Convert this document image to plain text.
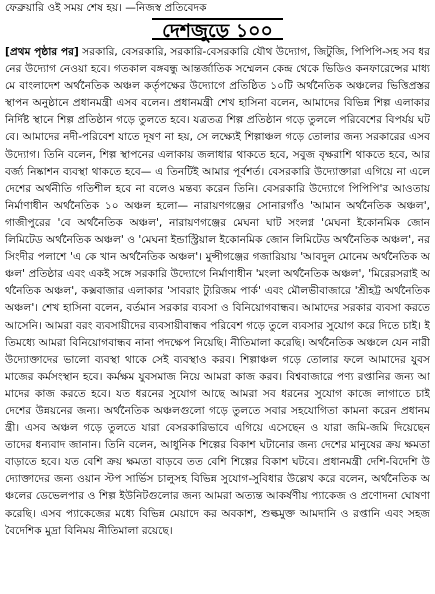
ফেব্রুয়ারি ওই সময় শেষ হয়। —নিজস্ব প্রতিবেদক
দেশজুড়ে ১০০
[প্রথম পৃষ্ঠার পর] সরকারি, বেসরকারি, সরকারি-বেসরকারি যৌথ উদ্যোগ, জিটুজি, পিপিপি-সহ সব ধরনের উদ্যোগ নেওয়া হবে। গতকাল বঙ্গবন্ধু আন্তর্জাতিক সম্মেলন কেন্দ্র থেকে ভিডিও কনফারেন্সের মাধ্যমে বাংলাদেশ অর্থনৈতিক অঞ্চল কর্তৃপক্ষের উদ্যোগে প্রতিষ্ঠিত ১০টি অর্থনৈতিক অঞ্চলের ভিত্তিপ্রস্তর স্থাপন অনুষ্ঠানে প্রধানমন্ত্রী এসব বলেন। প্রধানমন্ত্রী শেখ হাসিনা বলেন, আমাদের বিভিন্ন শিল্প এলাকার নির্দিষ্ট স্থানে শিল্প প্রতিষ্ঠান গড়ে তুলতে হবে। যত্রতত্র শিল্প প্রতিষ্ঠান গড়ে তুললে পরিবেশের বিপর্যয় ঘটবে। আমাদের নদী-পরিবেশ যাতে দূষণ না হয়, সে লক্ষ্যেই শিল্পাঞ্চল গড়ে তোলার জন্য সরকারের এসব উদ্যোগ। তিনি বলেন, শিল্প স্থাপনের এলাকায় জলাধার থাকতে হবে, সবুজ বৃক্ষরাশি থাকতে হবে, আর বর্জ্য নিষ্কাশন ব্যবস্থা থাকতে হবে— এ তিনটিই আমার পূর্বশর্ত। বেসরকারি উদ্যোক্তারা এগিয়ে না এলে দেশের অর্থনীতি গতিশীল হবে না বলেও মন্তব্য করেন তিনি। বেসরকারি উদ্যোগে পিপিপি'র আওতায় নির্মাণাধীন অর্থনৈতিক ১০ অঞ্চল হলো— নারায়ণগঞ্জের সোনারগাঁও 'আমান অর্থনৈতিক অঞ্চল', গাজীপুরের 'বে অর্থনৈতিক অঞ্চল', নারায়ণগঞ্জের মেঘনা ঘাট সংলগ্ন 'মেঘনা ইকোনমিক জোন লিমিটেড অর্থনৈতিক অঞ্চল' ও 'মেঘনা ইন্ডাস্ট্রিয়াল ইকোনমিক জোন লিমিটেড অর্থনৈতিক অঞ্চল', নরসিংদীর পলাশে 'এ কে খান অর্থনৈতিক অঞ্চল'। মুন্সীগঞ্জের গজারিয়ায় 'আবদুল মোনেম অর্থনৈতিক অঞ্চল' প্রতিষ্ঠার এবং একই সঙ্গে সরকারি উদ্যোগে নির্মাণাধীন 'মংলা অর্থনৈতিক অঞ্চল', 'মিরেরসরাই অর্থনৈতিক অঞ্চল', কক্সবাজার এলাকার 'সাবরাং ট্যুরিজম পার্ক' এবং মৌলভীবাজারে 'শ্রীহট্ট অর্থনৈতিক অঞ্চল'। শেখ হাসিনা বলেন, বর্তমান সরকার ব্যবসা ও বিনিয়োগবান্ধব। আমাদের সরকার ব্যবসা করতে আসেনি। আমরা বরং ব্যবসায়ীদের ব্যবসায়ীবান্ধব পরিবেশ গড়ে তুলে ব্যবসার সুযোগ করে দিতে চাই। ইতিমধ্যে আমরা বিনিয়োগবান্ধব নানা পদক্ষেপ নিয়েছি। নীতিমালা করেছি। অর্থনৈতিক অঞ্চলে যেন নারী উদ্যোক্তাদের ভালো ব্যবস্থা থাকে সেই ব্যবস্থাও করব। শিল্পাঞ্চল গড়ে তোলার ফলে আমাদের যুবসমাজের কর্মসংস্থান হবে। কর্মক্ষম যুবসমাজ নিয়ে আমরা কাজ করব। বিশ্ববাজারে পণ্য রপ্তানির জন্য আমাদের কাজ করতে হবে। যত ধরনের সুযোগ আছে আমরা সব ধরনের সুযোগ কাজে লাগাতে চাই দেশের উন্নয়নের জন্য। অর্থনৈতিক অঞ্চলগুলো গড়ে তুলতে সবার সহযোগিতা কামনা করেন প্রধানমন্ত্রী। এসব অঞ্চল গড়ে তুলতে যারা বেসরকারিভাবে এগিয়ে এসেছেন ও যারা জমি-জমি দিয়েছেন তাদের ধন্যবাদ জানান। তিনি বলেন, আধুনিক শিল্পের বিকাশ ঘটানোর জন্য দেশের মানুষের ক্রয় ক্ষমতা বাড়াতে হবে। যত বেশি ক্রয় ক্ষমতা বাড়বে তত বেশি শিল্পের বিকাশ ঘটবে। প্রধানমন্ত্রী দেশি-বিদেশি উদ্যোক্তাদের জন্য ওয়ান স্টপ সার্ভিস চালুসহ বিভিন্ন সুযোগ-সুবিধার উল্লেখ করে বলেন, অর্থনৈতিক অঞ্চলের ডেভেলপার ও শিল্প ইউনিটগুলোর জন্য আমরা অত্যন্ত আকর্ষণীয় প্যাকেজ ও প্রণোদনা ঘোষণা করেছি। এসব প্যাকেজের মধ্যে বিভিন্ন মেয়াদে কর অবকাশ, শুল্কমুক্ত আমদানি ও রপ্তানি এবং সহজ বৈদেশিক মুদ্রা বিনিময় নীতিমালা রয়েছে।
